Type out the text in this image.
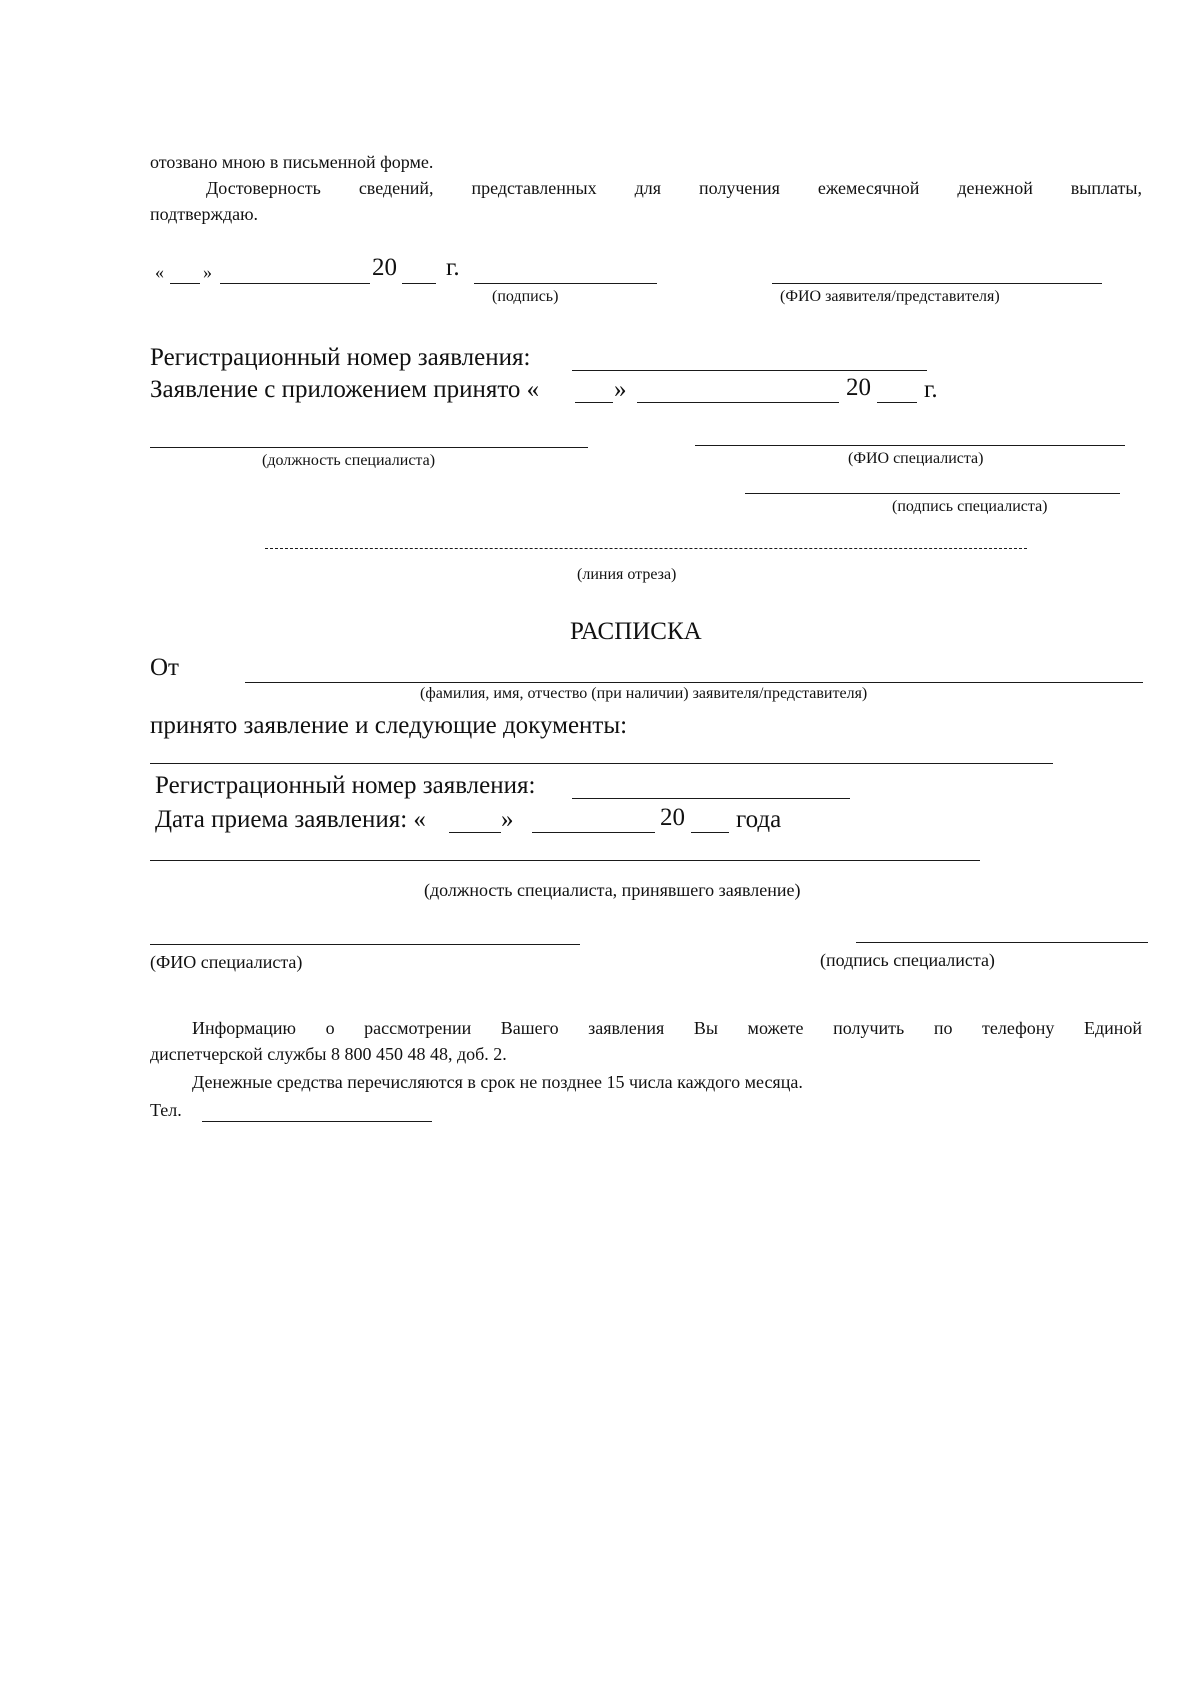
отозвано мною в письменной форме.
Достоверность сведений, представленных для получения ежемесячной денежной выплаты,
подтверждаю.
« »	20 г.
(подпись)	(ФИО заявителя/представителя)
Регистрационный номер заявления:
Заявление с приложением принято «	»	20 г.
(должность специалиста)	(ФИО специалиста)
(подпись специалиста)
(линия отреза)
РАСПИСКА
От
(фамилия, имя, отчество (при наличии) заявителя/представителя)
принято заявление и следующие документы:
Регистрационный номер заявления:
Дата приема заявления: «	»	20 года
(должность специалиста, принявшего заявление)
(ФИО специалиста)	(подпись специалиста)
Информацию о рассмотрении Вашего заявления Вы можете получить по телефону Единой
диспетчерской службы 8 800 450 48 48, доб. 2.
Денежные средства перечисляются в срок не позднее 15 числа каждого месяца.
Тел.
